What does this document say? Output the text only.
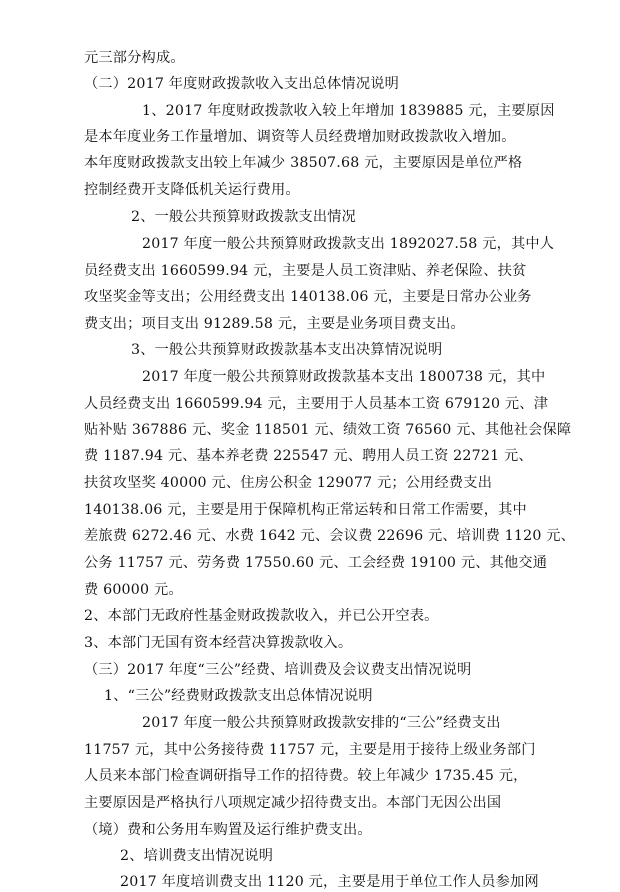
元三部分构成。
（二）2017 年度财政拨款收入支出总体情况说明
1、2017 年度财政拨款收入较上年增加 1839885 元，主要原因
是本年度业务工作量增加、调资等人员经费增加财政拨款收入增加。
本年度财政拨款支出较上年减少 38507.68 元，主要原因是单位严格
控制经费开支降低机关运行费用。
2、一般公共预算财政拨款支出情况
2017 年度一般公共预算财政拨款支出 1892027.58 元，其中人
员经费支出 1660599.94 元，主要是人员工资津贴、养老保险、扶贫
攻坚奖金等支出；公用经费支出 140138.06 元，主要是日常办公业务
费支出；项目支出 91289.58 元，主要是业务项目费支出。
3、一般公共预算财政拨款基本支出决算情况说明
2017 年度一般公共预算财政拨款基本支出 1800738 元，其中
人员经费支出 1660599.94 元，主要用于人员基本工资 679120 元、津
贴补贴 367886 元、奖金 118501 元、绩效工资 76560 元、其他社会保障
费 1187.94 元、基本养老费 225547 元、聘用人员工资 22721 元、
扶贫攻坚奖 40000 元、住房公积金 129077 元；公用经费支出
140138.06 元，主要是用于保障机构正常运转和日常工作需要，其中
差旅费 6272.46 元、水费 1642 元、会议费 22696 元、培训费 1120 元、
公务 11757 元、劳务费 17550.60 元、工会经费 19100 元、其他交通
费 60000 元。
2、本部门无政府性基金财政拨款收入，并已公开空表。
3、本部门无国有资本经营决算拨款收入。
（三）2017 年度“三公”经费、培训费及会议费支出情况说明
1、“三公”经费财政拨款支出总体情况说明
2017 年度一般公共预算财政拨款安排的“三公”经费支出
11757 元，其中公务接待费 11757 元，主要是用于接待上级业务部门
人员来本部门检查调研指导工作的招待费。较上年减少 1735.45 元，
主要原因是严格执行八项规定减少招待费支出。本部门无因公出国
（境）费和公务用车购置及运行维护费支出。
2、培训费支出情况说明
2017 年度培训费支出 1120 元，主要是用于单位工作人员参加网
